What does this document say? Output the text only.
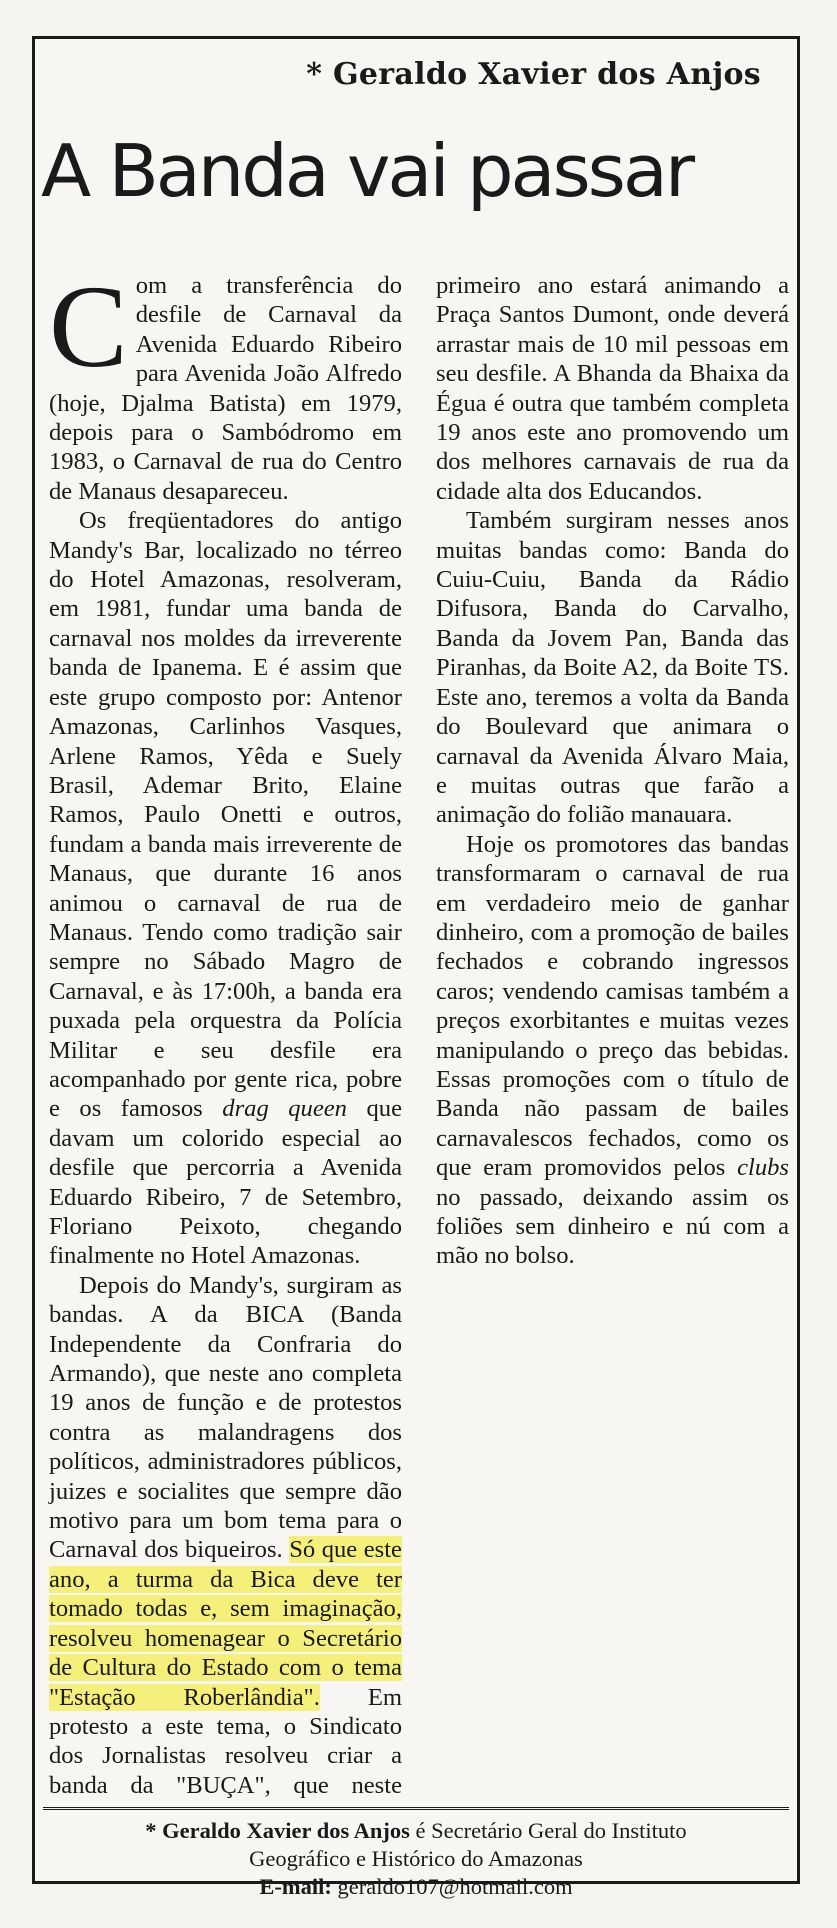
* Geraldo Xavier dos Anjos
A Banda vai passar

Com a transferência do desfile de Carnaval da Avenida Eduardo Ribeiro para Avenida João Alfredo (hoje, Djalma Batista) em 1979, depois para o Sambódromo em 1983, o Carnaval de rua do Centro de Manaus desapareceu.

Os freqüentadores do antigo Mandy's Bar, localizado no térreo do Hotel Amazonas, resolveram, em 1981, fundar uma banda de carnaval nos moldes da irreverente banda de Ipanema. E é assim que este grupo composto por: Antenor Amazonas, Carlinhos Vasques, Arlene Ramos, Yêda e Suely Brasil, Ademar Brito, Elaine Ramos, Paulo Onetti e outros, fundam a banda mais irreverente de Manaus, que durante 16 anos animou o carnaval de rua de Manaus. Tendo como tradição sair sempre no Sábado Magro de Carnaval, e às 17:00h, a banda era puxada pela orquestra da Polícia Militar e seu desfile era acompanhado por gente rica, pobre e os famosos drag queen que davam um colorido especial ao desfile que percorria a Avenida Eduardo Ribeiro, 7 de Setembro, Floriano Peixoto, chegando finalmente no Hotel Amazonas.

Depois do Mandy's, surgiram as bandas. A da BICA (Banda Independente da Confraria do Armando), que neste ano completa 19 anos de função e de protestos contra as malandragens dos políticos, administradores públicos, juizes e socialites que sempre dão motivo para um bom tema para o Carnaval dos biqueiros. Só que este ano, a turma da Bica deve ter tomado todas e, sem imaginação, resolveu homenagear o Secretário de Cultura do Estado com o tema "Estação Roberlândia". Em protesto a este tema, o Sindicato dos Jornalistas resolveu criar a banda da "BUÇA", que neste primeiro ano estará animando a Praça Santos Dumont, onde deverá arrastar mais de 10 mil pessoas em seu desfile. A Bhanda da Bhaixa da Égua é outra que também completa 19 anos este ano promovendo um dos melhores carnavais de rua da cidade alta dos Educandos.

Também surgiram nesses anos muitas bandas como: Banda do Cuiu-Cuiu, Banda da Rádio Difusora, Banda do Carvalho, Banda da Jovem Pan, Banda das Piranhas, da Boite A2, da Boite TS. Este ano, teremos a volta da Banda do Boulevard que animara o carnaval da Avenida Álvaro Maia, e muitas outras que farão a animação do folião manauara.

Hoje os promotores das bandas transformaram o carnaval de rua em verdadeiro meio de ganhar dinheiro, com a promoção de bailes fechados e cobrando ingressos caros; vendendo camisas também a preços exorbitantes e muitas vezes manipulando o preço das bebidas. Essas promoções com o título de Banda não passam de bailes carnavalescos fechados, como os que eram promovidos pelos clubs no passado, deixando assim os foliões sem dinheiro e nú com a mão no bolso.

* Geraldo Xavier dos Anjos é Secretário Geral do Instituto
Geográfico e Histórico do Amazonas
E-mail: geraldo107@hotmail.com
